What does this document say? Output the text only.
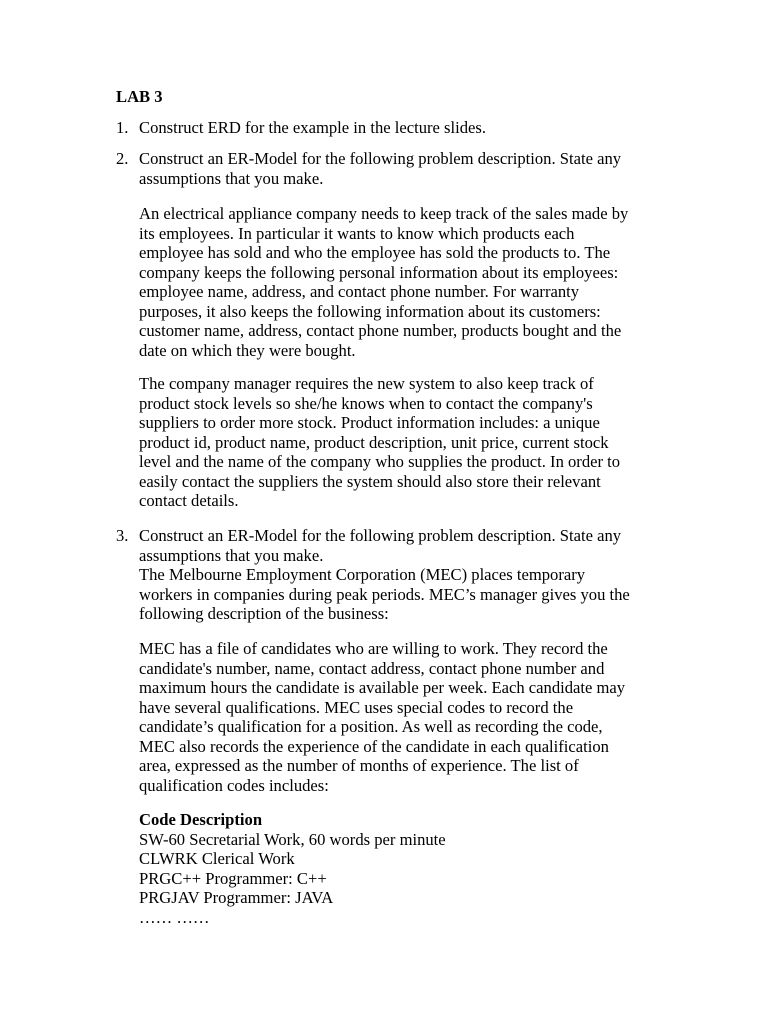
LAB 3
1. Construct ERD for the example in the lecture slides.
2. Construct an ER-Model for the following problem description. State any
assumptions that you make.
An electrical appliance company needs to keep track of the sales made by
its employees. In particular it wants to know which products each
employee has sold and who the employee has sold the products to. The
company keeps the following personal information about its employees:
employee name, address, and contact phone number. For warranty
purposes, it also keeps the following information about its customers:
customer name, address, contact phone number, products bought and the
date on which they were bought.
The company manager requires the new system to also keep track of
product stock levels so she/he knows when to contact the company's
suppliers to order more stock. Product information includes: a unique
product id, product name, product description, unit price, current stock
level and the name of the company who supplies the product. In order to
easily contact the suppliers the system should also store their relevant
contact details.
3. Construct an ER-Model for the following problem description. State any
assumptions that you make.
The Melbourne Employment Corporation (MEC) places temporary
workers in companies during peak periods. MEC’s manager gives you the
following description of the business:
MEC has a file of candidates who are willing to work. They record the
candidate's number, name, contact address, contact phone number and
maximum hours the candidate is available per week. Each candidate may
have several qualifications. MEC uses special codes to record the
candidate’s qualification for a position. As well as recording the code,
MEC also records the experience of the candidate in each qualification
area, expressed as the number of months of experience. The list of
qualification codes includes:
Code Description
SW-60 Secretarial Work, 60 words per minute
CLWRK Clerical Work
PRGC++ Programmer: C++
PRGJAV Programmer: JAVA
…… ……
